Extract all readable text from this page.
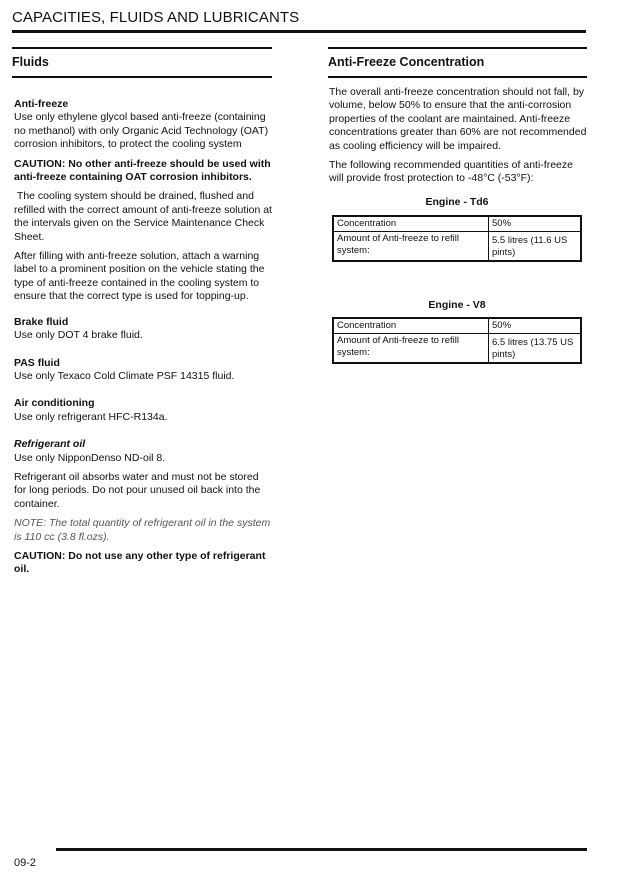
CAPACITIES, FLUIDS AND LUBRICANTS
Fluids

Anti-freeze

Use only ethylene glycol based anti-freeze (containing no methanol) with only Organic Acid Technology (OAT) corrosion inhibitors, to protect the cooling system

CAUTION: No other anti-freeze should be used with anti-freeze containing OAT corrosion inhibitors.

The cooling system should be drained, flushed and refilled with the correct amount of anti-freeze solution at the intervals given on the Service Maintenance Check Sheet.

After filling with anti-freeze solution, attach a warning label to a prominent position on the vehicle stating the type of anti-freeze contained in the cooling system to ensure that the correct type is used for topping-up.

Brake fluid

Use only DOT 4 brake fluid.

PAS fluid

Use only Texaco Cold Climate PSF 14315 fluid.

Air conditioning

Use only refrigerant HFC-R134a.

Refrigerant oil

Use only NipponDenso ND-oil 8.

Refrigerant oil absorbs water and must not be stored for long periods. Do not pour unused oil back into the container.

NOTE: The total quantity of refrigerant oil in the system is 110 cc (3.8 fl.ozs).

CAUTION: Do not use any other type of refrigerant oil.

Anti-Freeze Concentration

The overall anti-freeze concentration should not fall, by volume, below 50% to ensure that the anti-corrosion properties of the coolant are maintained. Anti-freeze concentrations greater than 60% are not recommended as cooling efficiency will be impaired.

The following recommended quantities of anti-freeze will provide frost protection to -48°C (-53°F):

Engine - Td6
Concentration	50%
Amount of Anti-freeze to refill system:	5.5 litres (11.6 US pints)
Engine - V8
Concentration	50%
Amount of Anti-freeze to refill system:	6.5 litres (13.75 US pints)
09-2
